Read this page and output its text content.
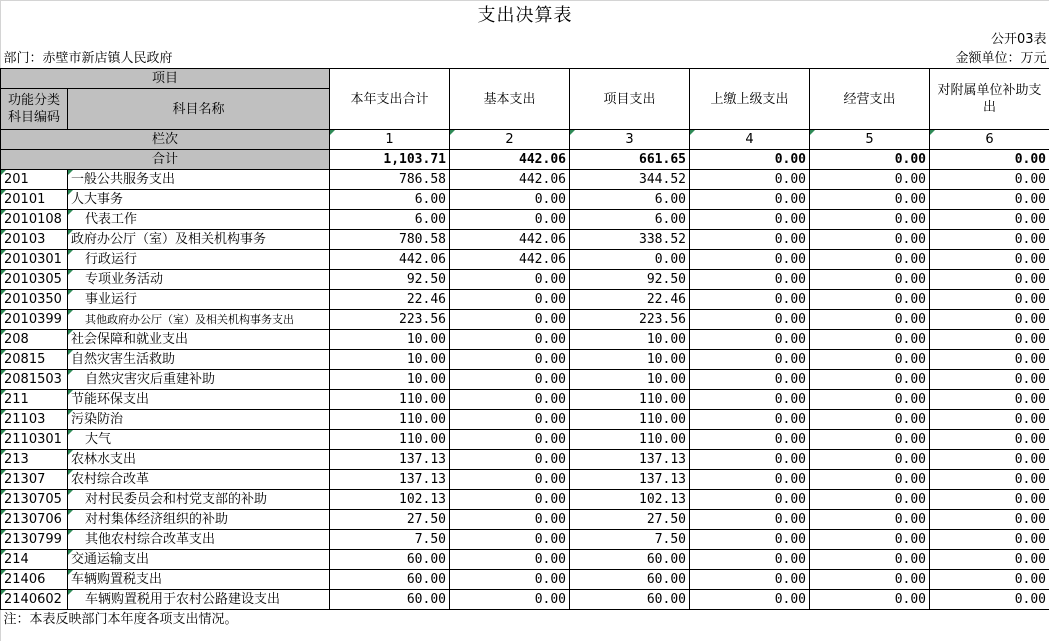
支出决算表							
公开03表							
部门：赤壁市新店镇人民政府				金额单位：万元			
项目		本年支出合计	基本支出	项目支出	上缴上级支出	经营支出	对附属单位补助支出
功能分类科目编码	科目名称						

栏次		1	2	3	4	5	6
合计		1,103.71	442.06	661.65	0.00	0.00	0.00
201	一般公共服务支出	786.58	442.06	344.52	0.00	0.00	0.00
20101	人大事务	6.00	0.00	6.00	0.00	0.00	0.00
2010108	代表工作	6.00	0.00	6.00	0.00	0.00	0.00
20103	政府办公厅（室）及相关机构事务	780.58	442.06	338.52	0.00	0.00	0.00
2010301	行政运行	442.06	442.06	0.00	0.00	0.00	0.00
2010305	专项业务活动	92.50	0.00	92.50	0.00	0.00	0.00
2010350	事业运行	22.46	0.00	22.46	0.00	0.00	0.00
2010399	其他政府办公厅（室）及相关机构事务支出	223.56	0.00	223.56	0.00	0.00	0.00
208	社会保障和就业支出	10.00	0.00	10.00	0.00	0.00	0.00
20815	自然灾害生活救助	10.00	0.00	10.00	0.00	0.00	0.00
2081503	自然灾害灾后重建补助	10.00	0.00	10.00	0.00	0.00	0.00
211	节能环保支出	110.00	0.00	110.00	0.00	0.00	0.00
21103	污染防治	110.00	0.00	110.00	0.00	0.00	0.00
2110301	大气	110.00	0.00	110.00	0.00	0.00	0.00
213	农林水支出	137.13	0.00	137.13	0.00	0.00	0.00
21307	农村综合改革	137.13	0.00	137.13	0.00	0.00	0.00
2130705	对村民委员会和村党支部的补助	102.13	0.00	102.13	0.00	0.00	0.00
2130706	对村集体经济组织的补助	27.50	0.00	27.50	0.00	0.00	0.00
2130799	其他农村综合改革支出	7.50	0.00	7.50	0.00	0.00	0.00
214	交通运输支出	60.00	0.00	60.00	0.00	0.00	0.00
21406	车辆购置税支出	60.00	0.00	60.00	0.00	0.00	0.00
2140602	车辆购置税用于农村公路建设支出	60.00	0.00	60.00	0.00	0.00	0.00
注：本表反映部门本年度各项支出情况。							
